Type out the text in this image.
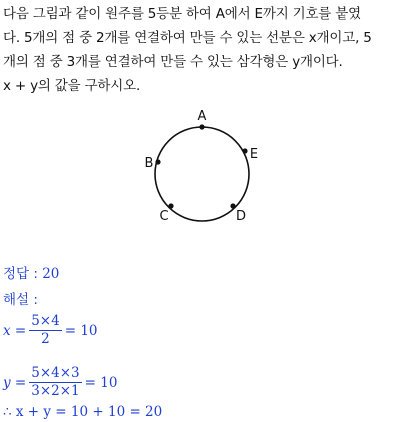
다음 그림과 같이 원주를 5등분 하여 A에서 E까지 기호를 붙였
다. 5개의 점 중 2개를 연결하여 만들 수 있는 선분은 x개이고, 5
개의 점 중 3개를 연결하여 만들 수 있는 삼각형은 y개이다.
x + y의 값을 구하시오.
A
B
C	D
E
정답 : 20
해설 :
$x = \frac{5\times 4}{2} = 10$
$y = \frac{5\times 4\times 3}{3\times 2\times 1} = 10$
∴ x + y = 10 + 10 = 20
